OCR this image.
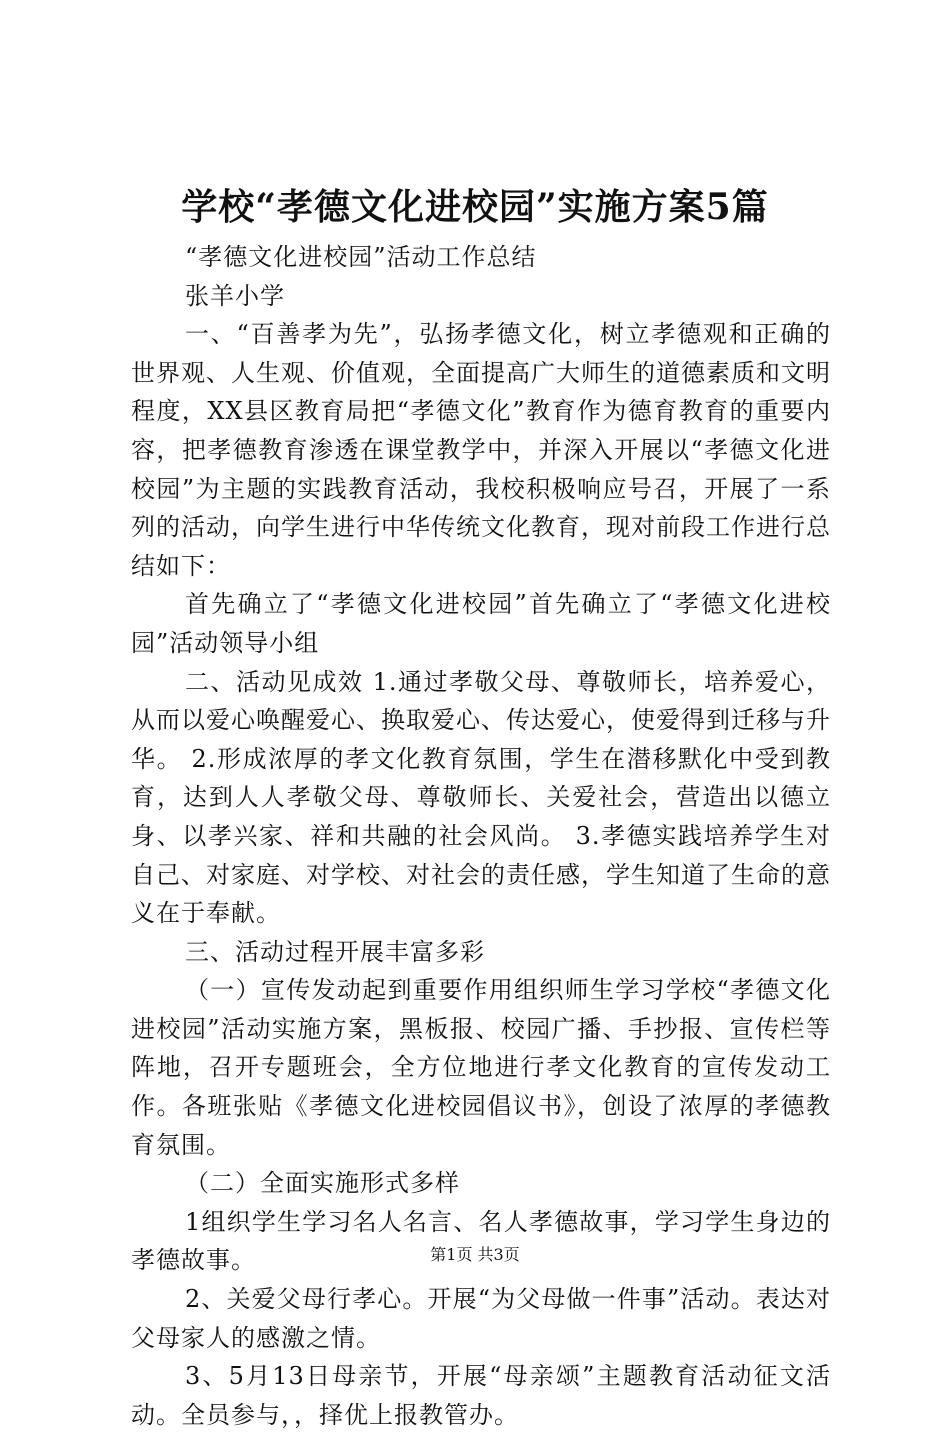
学校“孝德文化进校园”实施方案5篇

“孝德文化进校园”活动工作总结

张羊小学

一、“百善孝为先”，弘扬孝德文化，树立孝德观和正确的世界观、人生观、价值观，全面提高广大师生的道德素质和文明程度，XX县区教育局把“孝德文化”教育作为德育教育的重要内容，把孝德教育渗透在课堂教学中，并深入开展以“孝德文化进校园”为主题的实践教育活动，我校积极响应号召，开展了一系列的活动，向学生进行中华传统文化教育，现对前段工作进行总结如下：

首先确立了“孝德文化进校园”首先确立了“孝德文化进校园”活动领导小组

二、活动见成效 1.通过孝敬父母、尊敬师长，培养爱心，从而以爱心唤醒爱心、换取爱心、传达爱心，使爱得到迁移与升华。 2.形成浓厚的孝文化教育氛围，学生在潜移默化中受到教育，达到人人孝敬父母、尊敬师长、关爱社会，营造出以德立身、以孝兴家、祥和共融的社会风尚。 3.孝德实践培养学生对自己、对家庭、对学校、对社会的责任感，学生知道了生命的意义在于奉献。

三、活动过程开展丰富多彩

（一）宣传发动起到重要作用组织师生学习学校“孝德文化进校园”活动实施方案，黑板报、校园广播、手抄报、宣传栏等阵地，召开专题班会，全方位地进行孝文化教育的宣传发动工作。各班张贴《孝德文化进校园倡议书》，创设了浓厚的孝德教育氛围。

（二）全面实施形式多样

1组织学生学习名人名言、名人孝德故事，学习学生身边的孝德故事。

2、关爱父母行孝心。开展“为父母做一件事”活动。表达对父母家人的感激之情。

3、5月13日母亲节，开展“母亲颂”主题教育活动征文活动。全员参与，，择优上报教管办。

第1页 共3页
